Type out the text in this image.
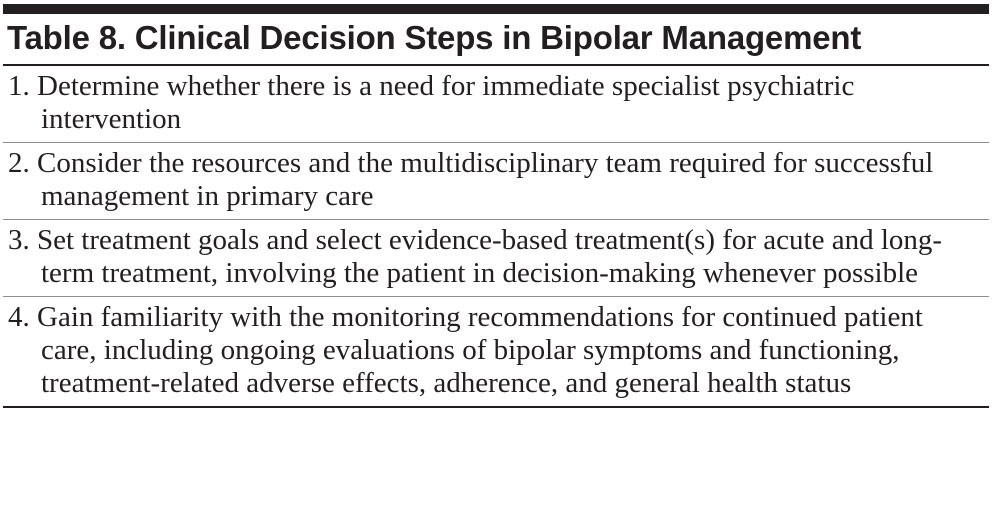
Table 8. Clinical Decision Steps in Bipolar Management
1. Determine whether there is a need for immediate specialist psychiatric intervention
2. Consider the resources and the multidisciplinary team required for successful management in primary care
3. Set treatment goals and select evidence-based treatment(s) for acute and long-term treatment, involving the patient in decision-making whenever possible
4. Gain familiarity with the monitoring recommendations for continued patient care, including ongoing evaluations of bipolar symptoms and functioning, treatment-related adverse effects, adherence, and general health status
